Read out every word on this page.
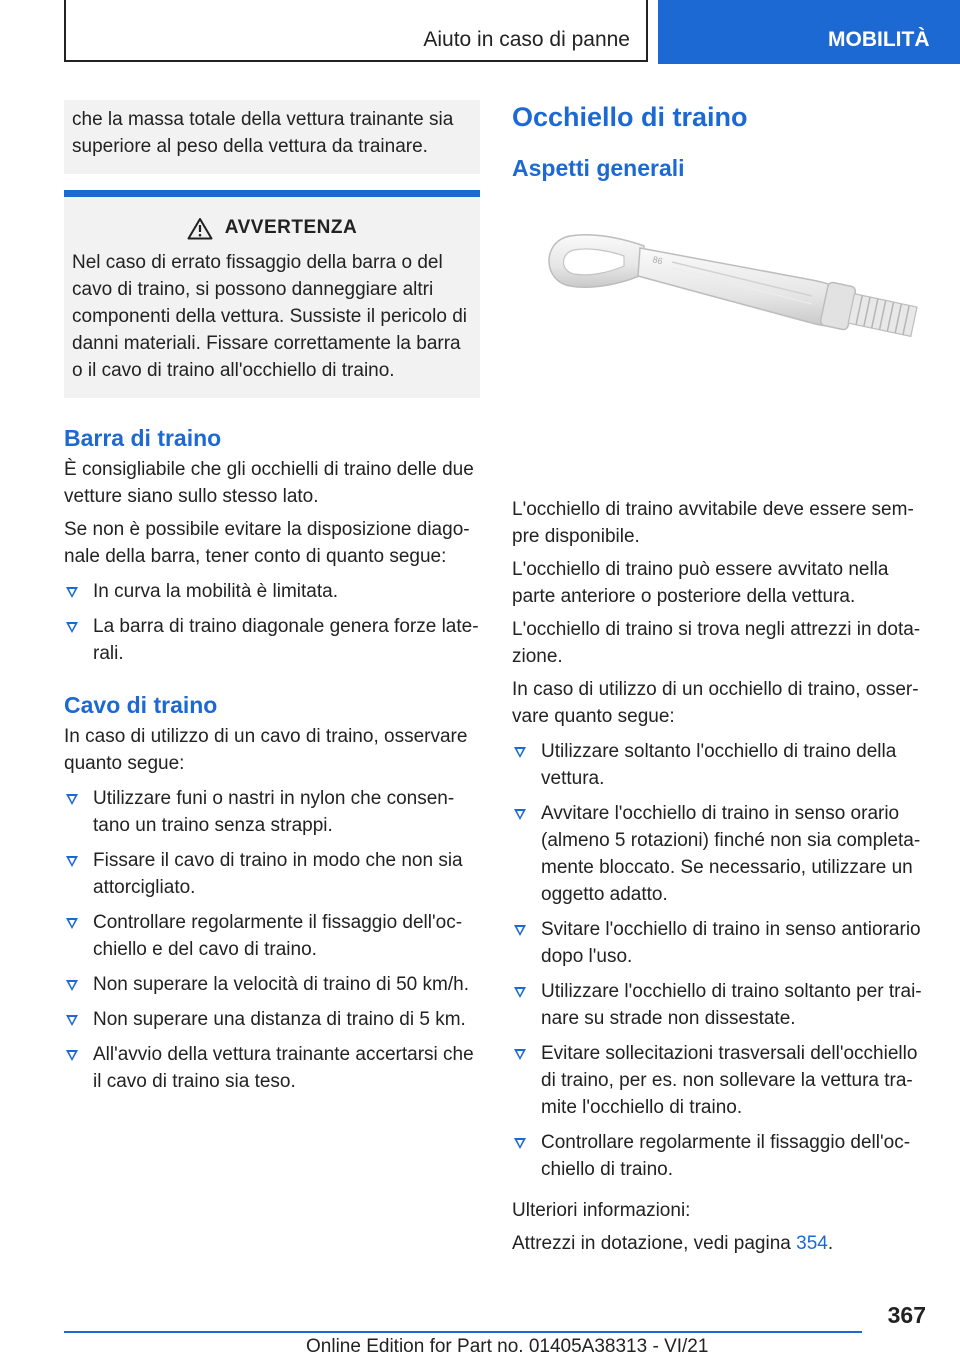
Aiuto in caso di panne	MOBILITÀ

che la massa totale della vettura trainante sia superiore al peso della vettura da trainare.

AVVERTENZA

Nel caso di errato fissaggio della barra o del cavo di traino, si possono danneggiare altri componenti della vettura. Sussiste il pericolo di danni materiali. Fissare correttamente la barra o il cavo di traino all'occhiello di traino.

Barra di traino

È consigliabile che gli occhielli di traino delle due vetture siano sullo stesso lato.

Se non è possibile evitare la disposizione diagonale della barra, tener conto di quanto segue:

In curva la mobilità è limitata.
La barra di traino diagonale genera forze laterali.
Cavo di traino

In caso di utilizzo di un cavo di traino, osservare quanto segue:

Utilizzare funi o nastri in nylon che consentano un traino senza strappi.
Fissare il cavo di traino in modo che non sia attorcigliato.
Controllare regolarmente il fissaggio dell'occhiello e del cavo di traino.
Non superare la velocità di traino di 50 km/h.
Non superare una distanza di traino di 5 km.
All'avvio della vettura trainante accertarsi che il cavo di traino sia teso.
Occhiello di traino
Aspetti generali
86

L'occhiello di traino avvitabile deve essere sempre disponibile.

L'occhiello di traino può essere avvitato nella parte anteriore o posteriore della vettura.

L'occhiello di traino si trova negli attrezzi in dotazione.

In caso di utilizzo di un occhiello di traino, osservare quanto segue:

Utilizzare soltanto l'occhiello di traino della vettura.
Avvitare l'occhiello di traino in senso orario (almeno 5 rotazioni) finché non sia completamente bloccato. Se necessario, utilizzare un oggetto adatto.
Svitare l'occhiello di traino in senso antiorario dopo l'uso.
Utilizzare l'occhiello di traino soltanto per trainare su strade non dissestate.
Evitare sollecitazioni trasversali dell'occhiello di traino, per es. non sollevare la vettura tramite l'occhiello di traino.
Controllare regolarmente il fissaggio dell'occhiello di traino.

Ulteriori informazioni:

Attrezzi in dotazione, vedi pagina 354.

367
Online Edition for Part no. 01405A38313 - VI/21
